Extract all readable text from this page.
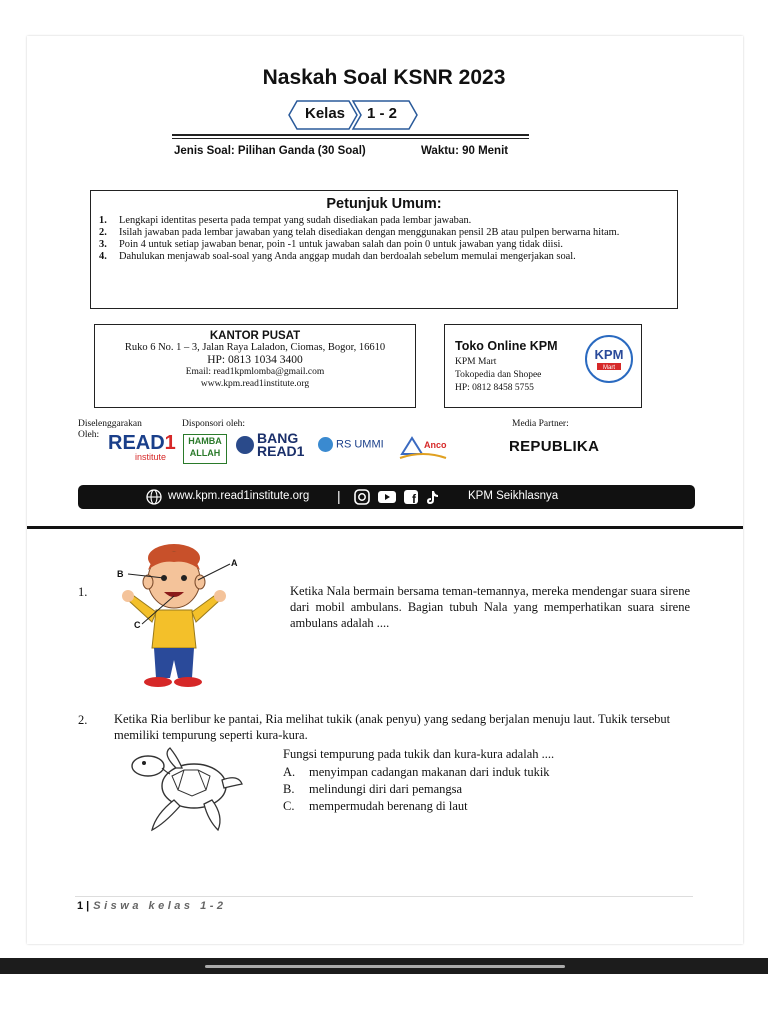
Naskah Soal KSNR 2023
Kelas 1 - 2
Jenis Soal: Pilihan Ganda (30 Soal)	Waktu: 90 Menit
Petunjuk Umum:
1. Lengkapi identitas peserta pada tempat yang sudah disediakan pada lembar jawaban.
2. Isilah jawaban pada lembar jawaban yang telah disediakan dengan menggunakan pensil 2B atau pulpen berwarna hitam.
3. Poin 4 untuk setiap jawaban benar, poin -1 untuk jawaban salah dan poin 0 untuk jawaban yang tidak diisi.
4. Dahulukan menjawab soal-soal yang Anda anggap mudah dan berdoalah sebelum memulai mengerjakan soal.
KANTOR PUSAT
Ruko 6 No. 1 – 3, Jalan Raya Laladon, Ciomas, Bogor, 16610
HP: 0813 1034 3400
Email: read1kpmlomba@gmail.com
www.kpm.read1institute.org
Toko Online KPM
KPM Mart
Tokopedia dan Shopee
HP: 0812 8458 5755
KPM
Mart
Diselenggarakan
Oleh:
Disponsori oleh:	Media Partner:
READ1
institute
HAMBA
ALLAH
BANG
READ1	RS UMMI	Anco	REPUBLIKA
www.kpm.read1institute.org |	f	KPM Seikhlasnya
1.
A
B
C
Ketika Nala bermain bersama teman-temannya, mereka mendengar suara sirene dari mobil ambulans. Bagian tubuh Nala yang memperhatikan suara sirene ambulans adalah ....
2. Ketika Ria berlibur ke pantai, Ria melihat tukik (anak penyu) yang sedang berjalan menuju laut. Tukik tersebut memiliki tempurung seperti kura-kura.
Fungsi tempurung pada tukik dan kura-kura adalah ....
A. menyimpan cadangan makanan dari induk tukik
B. melindungi diri dari pemangsa
C. mempermudah berenang di laut
1 | Siswa kelas 1-2
